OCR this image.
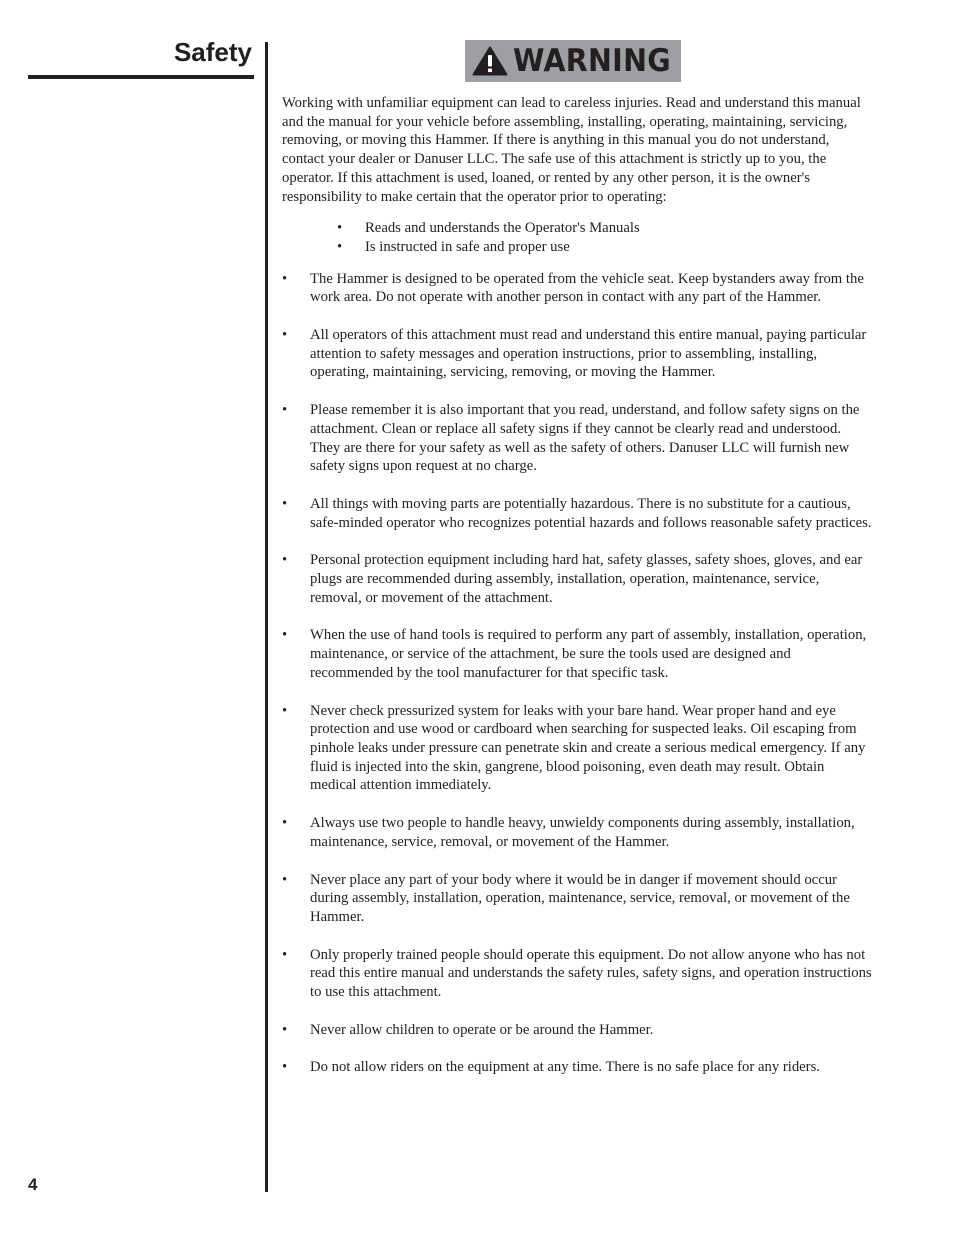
Safety	WARNING

Working with unfamiliar equipment can lead to careless injuries. Read and understand this manual and the manual for your vehicle before assembling, installing, operating, maintaining, servicing, removing, or moving this Hammer. If there is anything in this manual you do not understand, contact your dealer or Danuser LLC. The safe use of this attachment is strictly up to you, the operator. If this attachment is used, loaned, or rented by any other person, it is the owner's responsibility to make certain that the operator prior to operating:

• Reads and understands the Operator's Manuals
• Is instructed in safe and proper use
• The Hammer is designed to be operated from the vehicle seat. Keep bystanders away from the work area. Do not operate with another person in contact with any part of the Hammer.
• All operators of this attachment must read and understand this entire manual, paying particular attention to safety messages and operation instructions, prior to assembling, installing, operating, maintaining, servicing, removing, or moving the Hammer.
• Please remember it is also important that you read, understand, and follow safety signs on the attachment. Clean or replace all safety signs if they cannot be clearly read and understood. They are there for your safety as well as the safety of others. Danuser LLC will furnish new safety signs upon request at no charge.
• All things with moving parts are potentially hazardous. There is no substitute for a cautious, safe-minded operator who recognizes potential hazards and follows reasonable safety practices.
• Personal protection equipment including hard hat, safety glasses, safety shoes, gloves, and ear plugs are recommended during assembly, installation, operation, maintenance, service, removal, or movement of the attachment.
• When the use of hand tools is required to perform any part of assembly, installation, operation, maintenance, or service of the attachment, be sure the tools used are designed and recommended by the tool manufacturer for that specific task.
• Never check pressurized system for leaks with your bare hand. Wear proper hand and eye protection and use wood or cardboard when searching for suspected leaks. Oil escaping from pinhole leaks under pressure can penetrate skin and create a serious medical emergency. If any fluid is injected into the skin, gangrene, blood poisoning, even death may result. Obtain medical attention immediately.
• Always use two people to handle heavy, unwieldy components during assembly, installation, maintenance, service, removal, or movement of the Hammer.
• Never place any part of your body where it would be in danger if movement should occur during assembly, installation, operation, maintenance, service, removal, or movement of the Hammer.
• Only properly trained people should operate this equipment. Do not allow anyone who has not read this entire manual and understands the safety rules, safety signs, and operation instructions to use this attachment.
• Never allow children to operate or be around the Hammer.
• Do not allow riders on the equipment at any time. There is no safe place for any riders.
4
